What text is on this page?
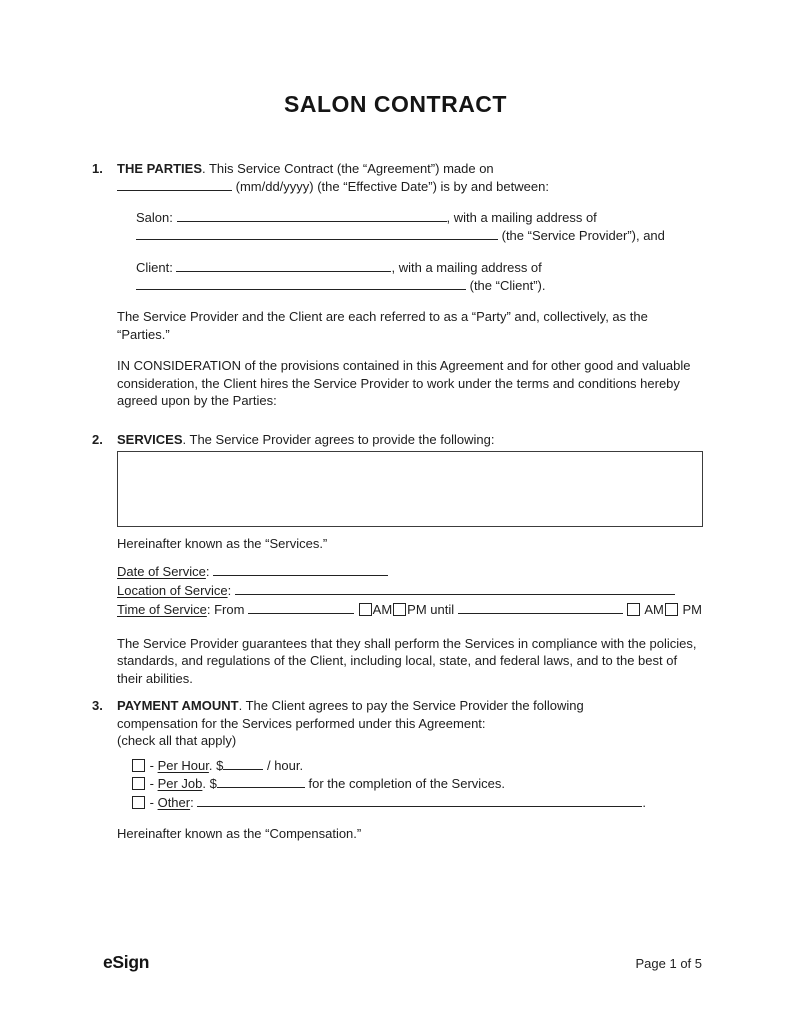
SALON CONTRACT
1.	THE PARTIES. This Service Contract (the “Agreement”) made on
(mm/dd/yyyy) (the “Effective Date”) is by and between:
Salon:	, with a mailing address of
(the “Service Provider”), and
Client:	, with a mailing address of
(the “Client”).

The Service Provider and the Client are each referred to as a “Party” and, collectively, as the “Parties.”

IN CONSIDERATION of the provisions contained in this Agreement and for other good and valuable consideration, the Client hires the Service Provider to work under the terms and conditions hereby agreed upon by the Parties:

2.	SERVICES. The Service Provider agrees to provide the following:

Hereinafter known as the “Services.”

Date of Service:
Location of Service:
Time of Service: From	AM PM until	AM PM

The Service Provider guarantees that they shall perform the Services in compliance with the policies, standards, and regulations of the Client, including local, state, and federal laws, and to the best of their abilities.

3.	PAYMENT AMOUNT. The Client agrees to pay the Service Provider the following compensation for the Services performed under this Agreement:
(check all that apply)
- Per Hour. $	/ hour.
- Per Job. $	for the completion of the Services.
- Other:	.

Hereinafter known as the “Compensation.”

eSign	Page 1 of 5
